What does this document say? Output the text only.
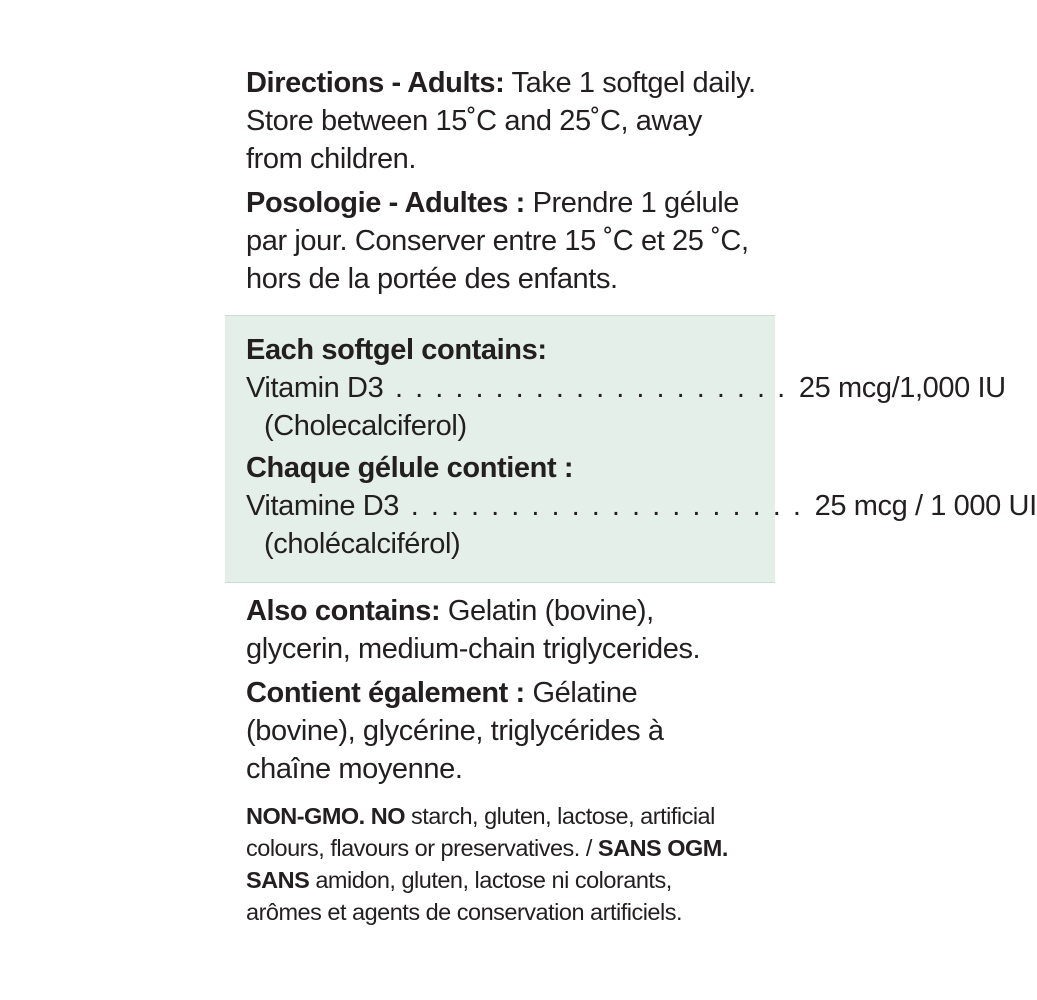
Directions - Adults: Take 1 softgel daily.
Store between 15˚C and 25˚C, away
from children.

Posologie - Adultes : Prendre 1 gélule
par jour. Conserver entre 15 ˚C et 25 ˚C,
hors de la portée des enfants.

Each softgel contains:
Vitamin D3 . . . . . . . . . . . . . . . . . . . . 25 mcg/1,000 IU
(Cholecalciferol)
Chaque gélule contient :
Vitamine D3 . . . . . . . . . . . . . . . . . . . . 25 mcg / 1 000 UI
(cholécalciférol)

Also contains: Gelatin (bovine),
glycerin, medium-chain triglycerides.

Contient également : Gélatine
(bovine), glycérine, triglycérides à
chaîne moyenne.

NON-GMO. NO starch, gluten, lactose, artificial
colours, flavours or preservatives. / SANS OGM.
SANS amidon, gluten, lactose ni colorants,
arômes et agents de conservation artificiels.
